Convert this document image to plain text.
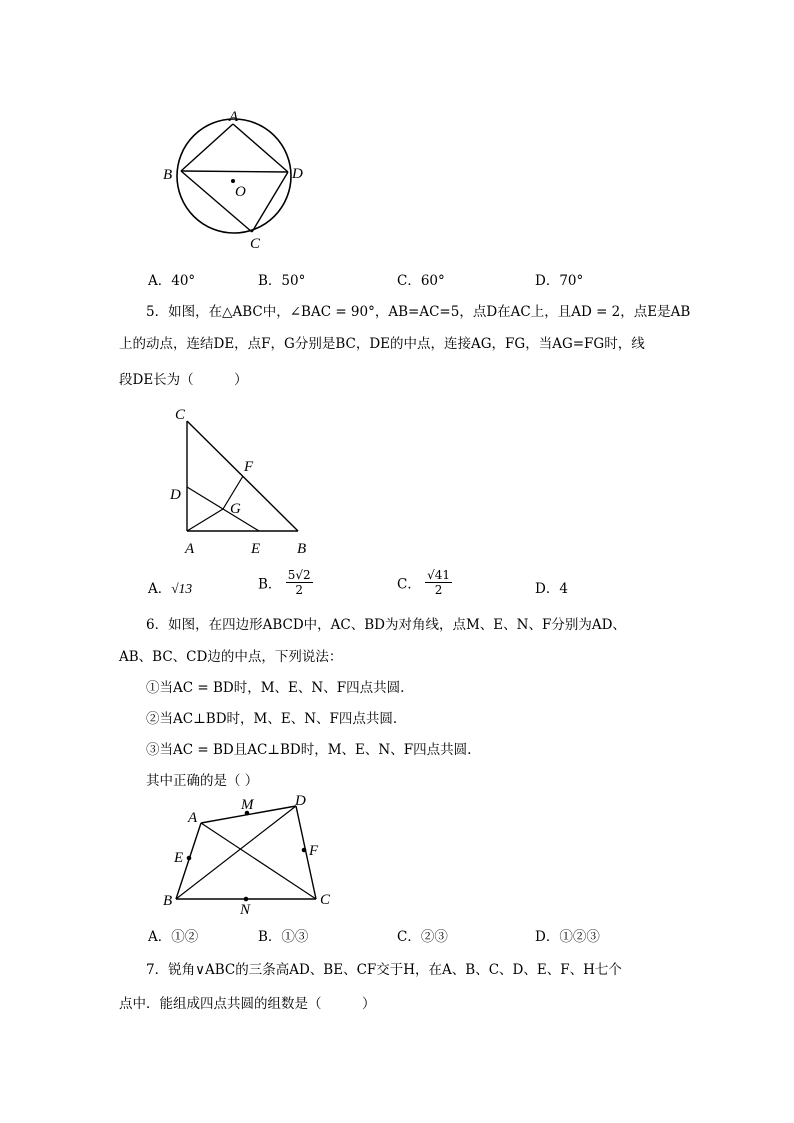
A
B	D
O
C
A．40°	B．50°	C．60°	D．70°
5．如图，在△ABC中，∠BAC = 90°，AB=AC=5，点D在AC上，且AD = 2，点E是AB
上的动点，连结DE，点F，G分别是BC，DE的中点，连接AG，FG，当AG=FG时，线
段DE长为（　　　）
C
F
D
G
A	E B
A．√13	B． $\frac{5√2}{2}$	C． $\frac{√41}{2}$	D．4
6．如图，在四边形ABCD中，AC、BD为对角线，点M、E、N、F分别为AD、
AB、BC、CD边的中点，下列说法：
①当AC = BD时，M、E、N、F四点共圆.
②当AC⊥BD时，M、E、N、F四点共圆.
③当AC = BD且AC⊥BD时，M、E、N、F四点共圆.
其中正确的是（ ）
A
M	D
E	F
B	C
N
A．①②	B．①③	C．②③	D．①②③
7．锐角∨ABC的三条高AD、BE、CF交于H，在A、B、C、D、E、F、H七个
点中．能组成四点共圆的组数是（　　　）
